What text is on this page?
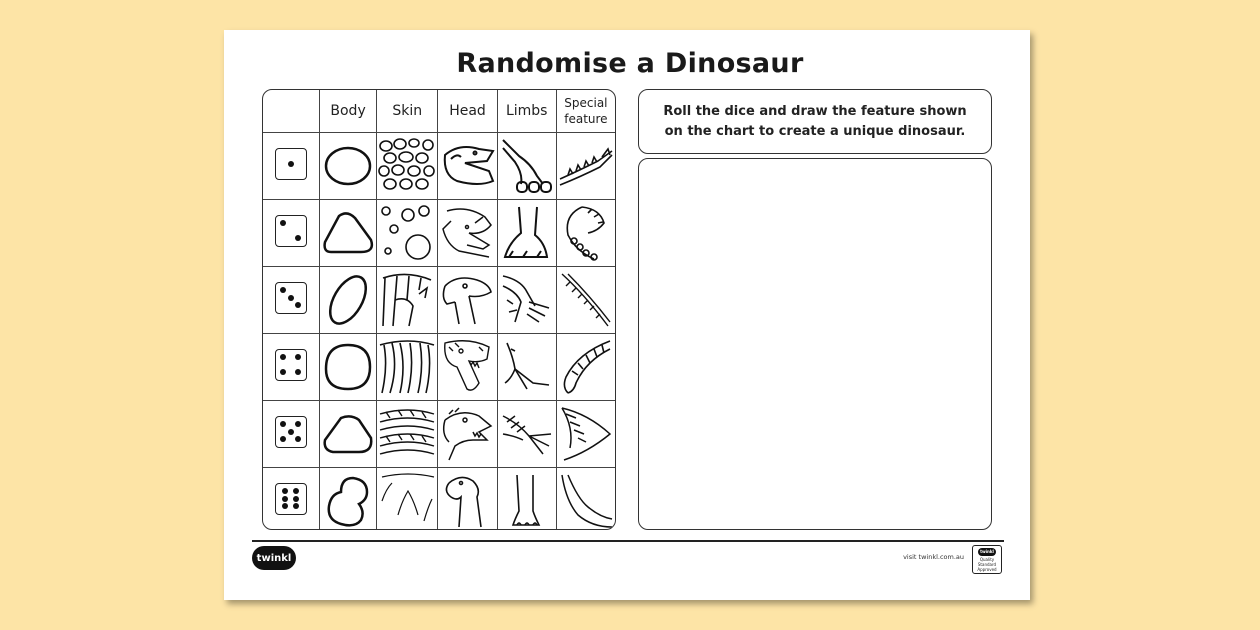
Randomise a Dinosaur
	Body	Skin	Head	Limbs	Special
feature

Roll the dice and draw the feature shown on the chart to create a unique dinosaur.
twinkl	visit twinkl.com.au
twinkl
Quality Standard Approved
